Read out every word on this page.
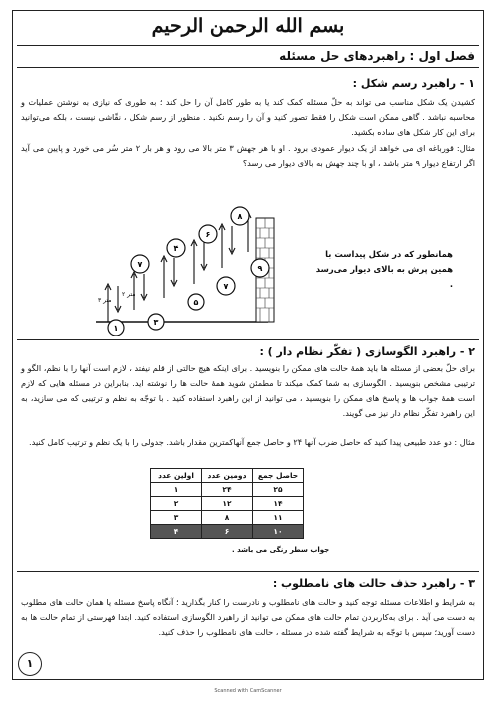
بسم الله الرحمن الرحیم
فصل اول : راهبردهای حل مسئله
۱ - راهبرد رسم شکل :
کشیدن یک شکل مناسب می تواند به حلّ مسئله کمک کند یا به طور کامل آن را حل کند ؛ به طوری که نیازی به نوشتن عملیات و محاسبه نباشد . گاهی ممکن است شکل را فقط تصور کنید و آن را رسم نکنید . منظور از رسم شکل ، نقّاشی نیست ، بلکه می‌توانید برای این کار شکل های ساده بکشید.
مثال: قورباغه ای می خواهد از یک دیوار عمودی برود . او با هر جهش ۳ متر بالا می رود و هر بار ۲ متر سُر می خورد و پایین می آید اگر ارتفاع دیوار ۹ متر باشد ، او با چند جهش به بالای دیوار می رسد؟
همانطور که در شکل پیداست با همین پرش به بالای دیوار می‌رسد .
۲ - راهبرد الگوسازی ( تفکّر نظام دار ) :
برای حلّ بعضی از مسئله ها باید همۀ حالت های ممکن را بنویسید . برای اینکه هیچ حالتی از قلم نیفتد ، لازم است آنها را با نظم، الگو و ترتیبی مشخص بنویسید . الگوسازی به شما کمک میکند تا مطمئن شوید همۀ حالت ها را نوشته اید. بنابراین در مسئله هایی که لازم است همۀ جواب ها و پاسخ های ممکن را بنویسید ، می توانید از این راهبرد استفاده کنید . با توجّه به نظم و ترتیبی که می سازید، به این راهبرد تفکّر نظام دار نیز می گویند.
مثال : دو عدد طبیعی پیدا کنید که حاصل ضرب آنها ۲۴ و حاصل جمع آنهاکمترین مقدار باشد. جدولی را با یک نظم و ترتیب کامل کنید.
۳ - راهبرد حذف حالت های نامطلوب :
به شرایط و اطلاعات مسئله توجه کنید و حالت های نامطلوب و نادرست را کنار بگذارید ؛ آنگاه پاسخ مسئله یا همان حالت های مطلوب به دست می آید . برای به‌کاربردن تمام حالت های ممکن می توانید از راهبرد الگوسازی استفاده کنید. ابتدا فهرستی از تمام حالت ها به دست آورید؛ سپس با توجّه به شرایط گفته شده در مسئله ، حالت های نامطلوب را حذف کنید.
۳ متر
۲ متر
۱
۳
۷
۵
۴
۷
۶
۹
۸
حاصل جمع	دومین عدد	اولین عدد
۲۵	۲۴	۱
۱۴	۱۲	۲
۱۱	۸	۳
۱۰	۶	۴
جواب سطر رنگی می باشد .
۱
Scanned with CamScanner
